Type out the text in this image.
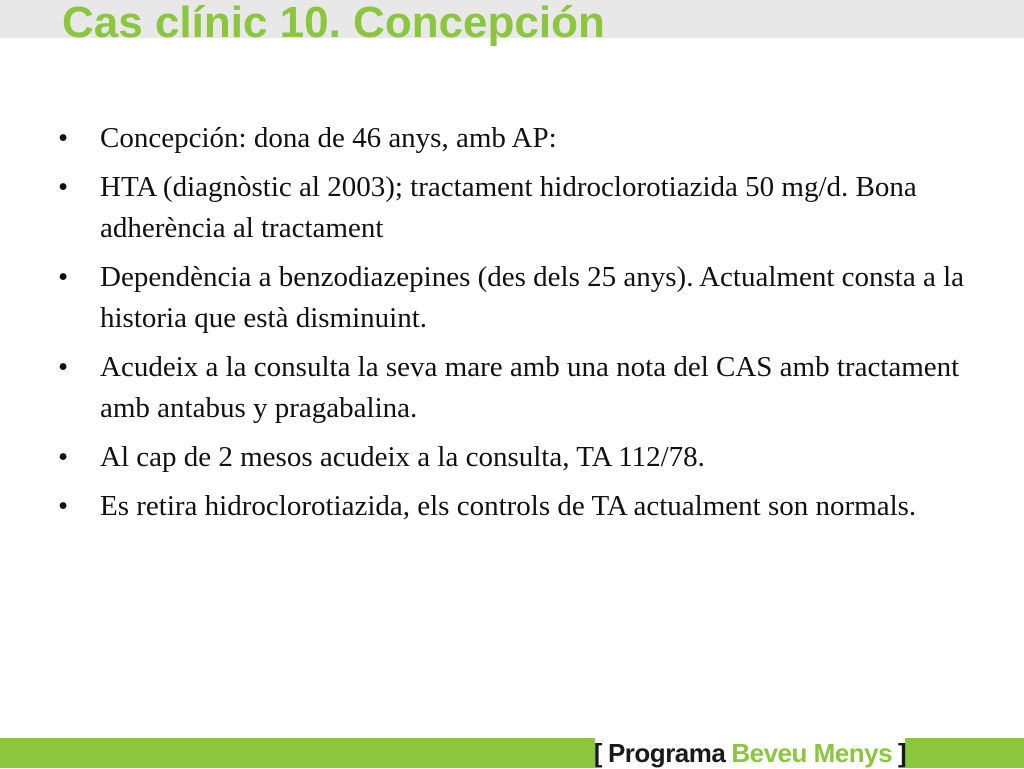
Cas clínic 10. Concepción
•	Concepción: dona de 46 anys, amb AP:
•	HTA (diagnòstic al 2003); tractament hidroclorotiazida 50 mg/d. Bona adherència al tractament
•	Dependència a benzodiazepines (des dels 25 anys). Actualment consta a la historia que està disminuint.
•	Acudeix a la consulta la seva mare amb una nota del CAS amb tractament amb antabus y pragabalina.
•	Al cap de 2 mesos acudeix a la consulta, TA 112/78.
•	Es retira hidroclorotiazida, els controls de TA actualment son normals.
[ Programa Beveu Menys ]
